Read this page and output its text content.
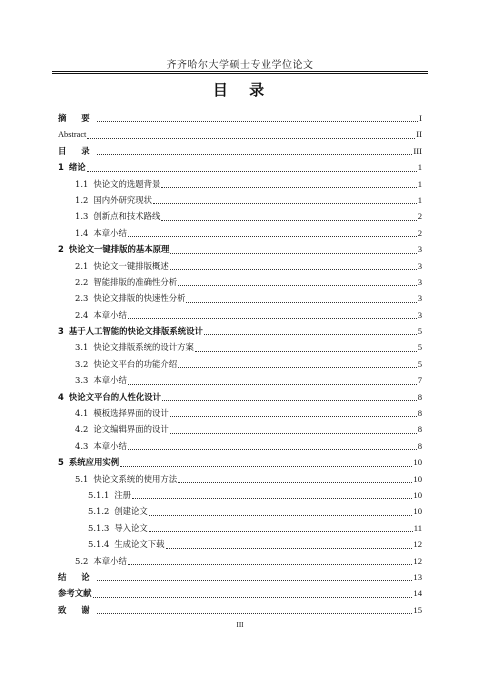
齐齐哈尔大学硕士专业学位论文
目 录
摘 要	I
Abstract	II
目 录	III
1 绪论	1
1.1 快论文的选题背景	1
1.2 国内外研究现状	1
1.3 创新点和技术路线	2
1.4 本章小结	2
2 快论文一键排版的基本原理	3
2.1 快论文一键排版概述	3
2.2 智能排版的准确性分析	3
2.3 快论文排版的快速性分析	3
2.4 本章小结	3
3 基于人工智能的快论文排版系统设计	5
3.1 快论文排版系统的设计方案	5
3.2 快论文平台的功能介绍	5
3.3 本章小结	7
4 快论文平台的人性化设计	8
4.1 模板选择界面的设计	8
4.2 论文编辑界面的设计	8
4.3 本章小结	8
5 系统应用实例	10
5.1 快论文系统的使用方法	10
5.1.1 注册	10
5.1.2 创建论文	10
5.1.3 导入论文	11
5.1.4 生成论文下载	12
5.2 本章小结	12
结 论	13
参考文献	14
致 谢	15
III
